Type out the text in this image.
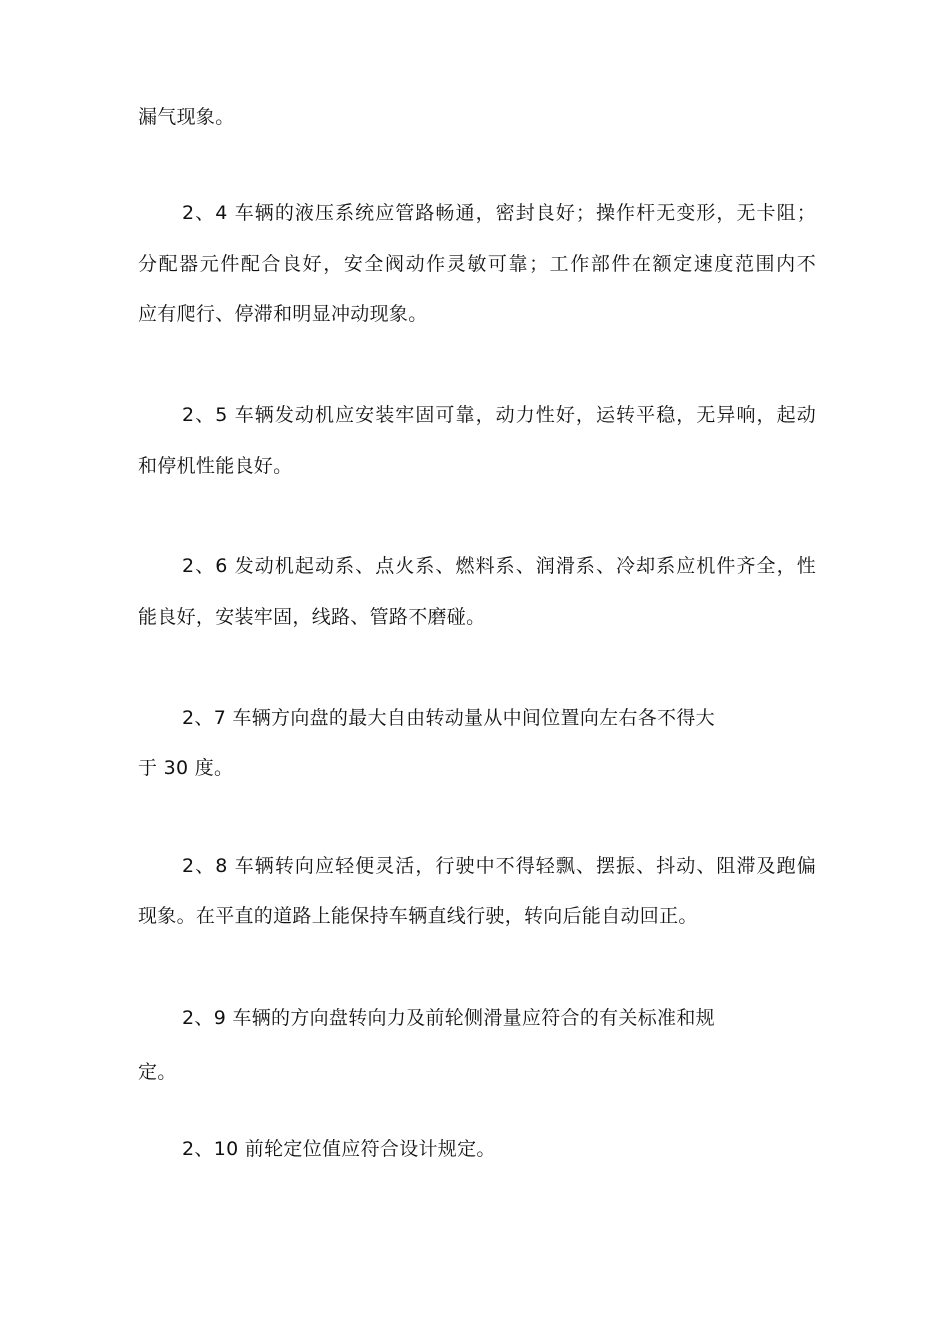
漏气现象。
2、4 车辆的液压系统应管路畅通，密封良好；操作杆无变形，无卡阻；
分配器元件配合良好，安全阀动作灵敏可靠；工作部件在额定速度范围内不
应有爬行、停滞和明显冲动现象。
2、5 车辆发动机应安装牢固可靠，动力性好，运转平稳，无异响，起动
和停机性能良好。
2、6 发动机起动系、点火系、燃料系、润滑系、冷却系应机件齐全，性
能良好，安装牢固，线路、管路不磨碰。
2、7 车辆方向盘的最大自由转动量从中间位置向左右各不得大
于 30 度。
2、8 车辆转向应轻便灵活，行驶中不得轻飘、摆振、抖动、阻滞及跑偏
现象。在平直的道路上能保持车辆直线行驶，转向后能自动回正。
2、9 车辆的方向盘转向力及前轮侧滑量应符合的有关标准和规
定。
2、10 前轮定位值应符合设计规定。
